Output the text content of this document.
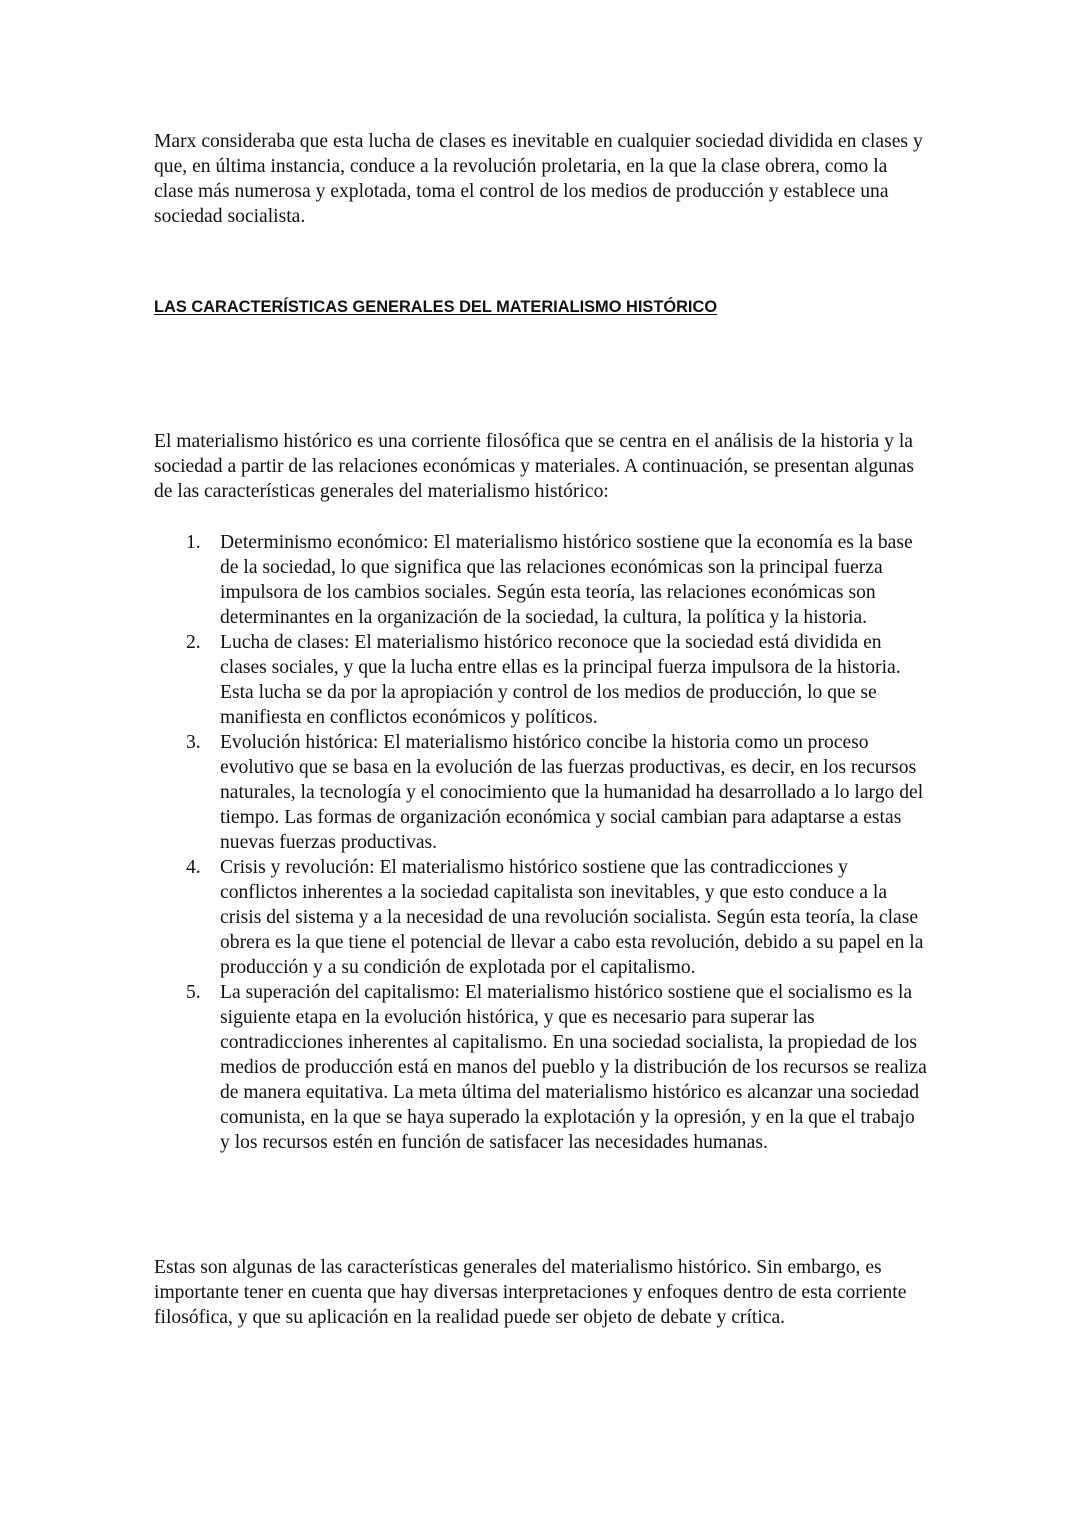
Marx consideraba que esta lucha de clases es inevitable en cualquier sociedad dividida en clases y que, en última instancia, conduce a la revolución proletaria, en la que la clase obrera, como la clase más numerosa y explotada, toma el control de los medios de producción y establece una sociedad socialista.

LAS CARACTERÍSTICAS GENERALES DEL MATERIALISMO HISTÓRICO

El materialismo histórico es una corriente filosófica que se centra en el análisis de la historia y la sociedad a partir de las relaciones económicas y materiales. A continuación, se presentan algunas de las características generales del materialismo histórico:

1. Determinismo económico: El materialismo histórico sostiene que la economía es la base de la sociedad, lo que significa que las relaciones económicas son la principal fuerza impulsora de los cambios sociales. Según esta teoría, las relaciones económicas son determinantes en la organización de la sociedad, la cultura, la política y la historia.
2. Lucha de clases: El materialismo histórico reconoce que la sociedad está dividida en clases sociales, y que la lucha entre ellas es la principal fuerza impulsora de la historia. Esta lucha se da por la apropiación y control de los medios de producción, lo que se manifiesta en conflictos económicos y políticos.
3. Evolución histórica: El materialismo histórico concibe la historia como un proceso evolutivo que se basa en la evolución de las fuerzas productivas, es decir, en los recursos naturales, la tecnología y el conocimiento que la humanidad ha desarrollado a lo largo del tiempo. Las formas de organización económica y social cambian para adaptarse a estas nuevas fuerzas productivas.
4. Crisis y revolución: El materialismo histórico sostiene que las contradicciones y conflictos inherentes a la sociedad capitalista son inevitables, y que esto conduce a la crisis del sistema y a la necesidad de una revolución socialista. Según esta teoría, la clase obrera es la que tiene el potencial de llevar a cabo esta revolución, debido a su papel en la producción y a su condición de explotada por el capitalismo.
5. La superación del capitalismo: El materialismo histórico sostiene que el socialismo es la siguiente etapa en la evolución histórica, y que es necesario para superar las contradicciones inherentes al capitalismo. En una sociedad socialista, la propiedad de los medios de producción está en manos del pueblo y la distribución de los recursos se realiza de manera equitativa. La meta última del materialismo histórico es alcanzar una sociedad comunista, en la que se haya superado la explotación y la opresión, y en la que el trabajo y los recursos estén en función de satisfacer las necesidades humanas.

Estas son algunas de las características generales del materialismo histórico. Sin embargo, es importante tener en cuenta que hay diversas interpretaciones y enfoques dentro de esta corriente filosófica, y que su aplicación en la realidad puede ser objeto de debate y crítica.
